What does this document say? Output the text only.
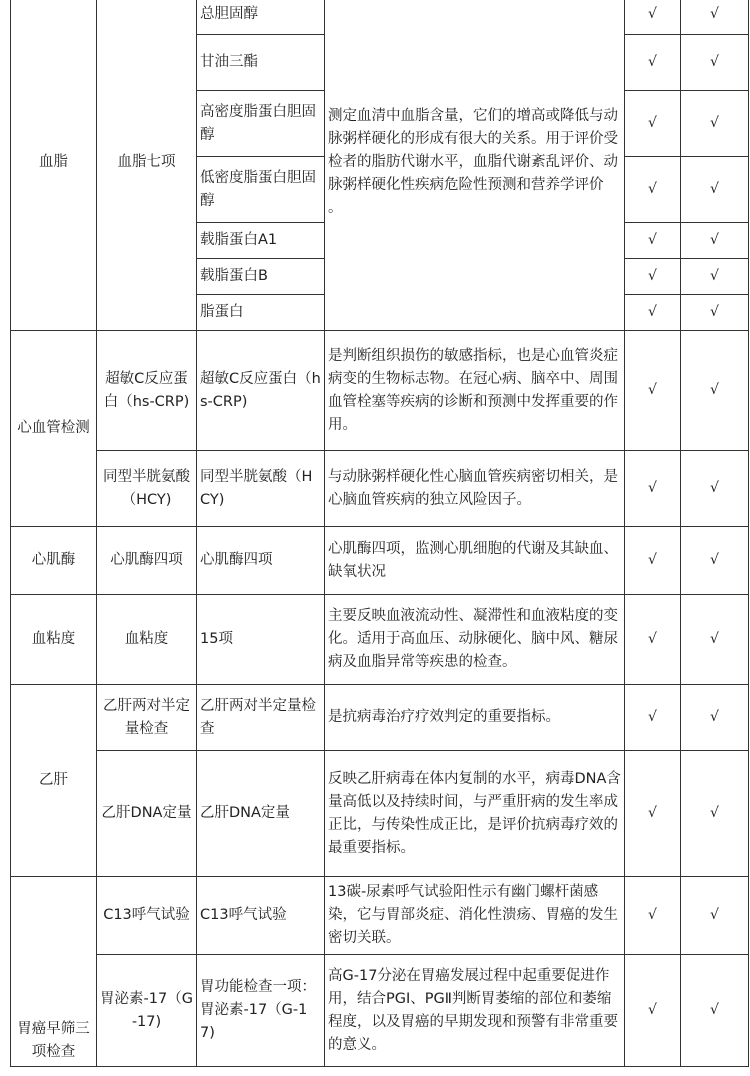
血脂	血脂七项	总胆固醇	测定血清中血脂含量，它们的增高或降低与动脉粥样硬化的形成有很大的关系。用于评价受检者的脂肪代谢水平，血脂代谢紊乱评价、动脉粥样硬化性疾病危险性预测和营养学评价 。	√	√
		甘油三酯		√	√
		高密度脂蛋白胆固醇		√	√
		低密度脂蛋白胆固醇		√	√
		载脂蛋白A1		√	√
		载脂蛋白B		√	√
		脂蛋白		√	√
心血管检测	超敏C反应蛋白（hs-CRP)	超敏C反应蛋白（hs-CRP)	是判断组织损伤的敏感指标，也是心血管炎症病变的生物标志物。在冠心病、脑卒中、周围血管栓塞等疾病的诊断和预测中发挥重要的作用。	√	√
	同型半胱氨酸（HCY)	同型半胱氨酸（HCY)	与动脉粥样硬化性心脑血管疾病密切相关，是心脑血管疾病的独立风险因子。	√	√
心肌酶	心肌酶四项	心肌酶四项	心肌酶四项，监测心肌细胞的代谢及其缺血、缺氧状况	√	√
血粘度	血粘度	15项	主要反映血液流动性、凝滞性和血液粘度的变化。适用于高血压、动脉硬化、脑中风、糖尿病及血脂异常等疾患的检查。	√	√
乙肝	乙肝两对半定量检查	乙肝两对半定量检查	是抗病毒治疗疗效判定的重要指标。	√	√
	乙肝DNA定量	乙肝DNA定量	反映乙肝病毒在体内复制的水平，病毒DNA含量高低以及持续时间，与严重肝病的发生率成正比，与传染性成正比，是评价抗病毒疗效的最重要指标。	√	√
胃癌早筛三项检查	C13呼气试验	C13呼气试验	13碳-尿素呼气试验阳性示有幽门螺杆菌感染，它与胃部炎症、消化性溃疡、胃癌的发生密切关联。	√	√
	胃泌素-17（G-17)	胃功能检查一项：胃泌素-17（G-17)	高G-17分泌在胃癌发展过程中起重要促进作用，结合PGⅠ、PGⅡ判断胃萎缩的部位和萎缩程度，以及胃癌的早期发现和预警有非常重要的意义。	√	√
